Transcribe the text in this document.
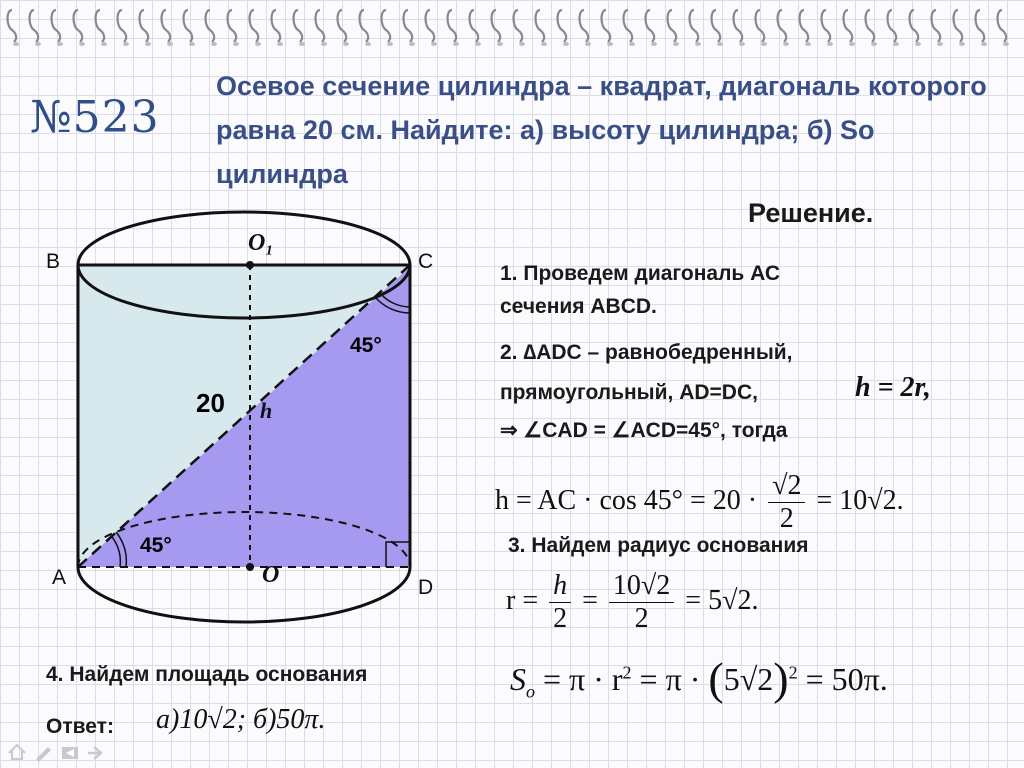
№523
Осевое сечение цилиндра – квадрат, диагональ которого равна 20 см. Найдите: а) высоту цилиндра; б) Sо цилиндра
Решение.
B	C
A	D
O₁
O
h
20
45°
45°
1. Проведем диагональ АС
сечения ABCD.
2. ∆ADC – равнобедренный,
прямоугольный, AD=DC,	h = 2r,
⇒ ∠CAD = ∠ACD=45°, тогда
h = AC · $\cos 45^\circ = 20 \cdot \frac{√2}{2} = 10√2$.
3. Найдем радиус основания
$r = \frac{h}{2} = \frac{10√2}{2} = 5√2$.
4. Найдем площадь основания	$S_o = \pi \cdot r^2 = \pi \cdot (5√2)^2 = 50\pi$.
Ответ: а)10√2; б)50π.
